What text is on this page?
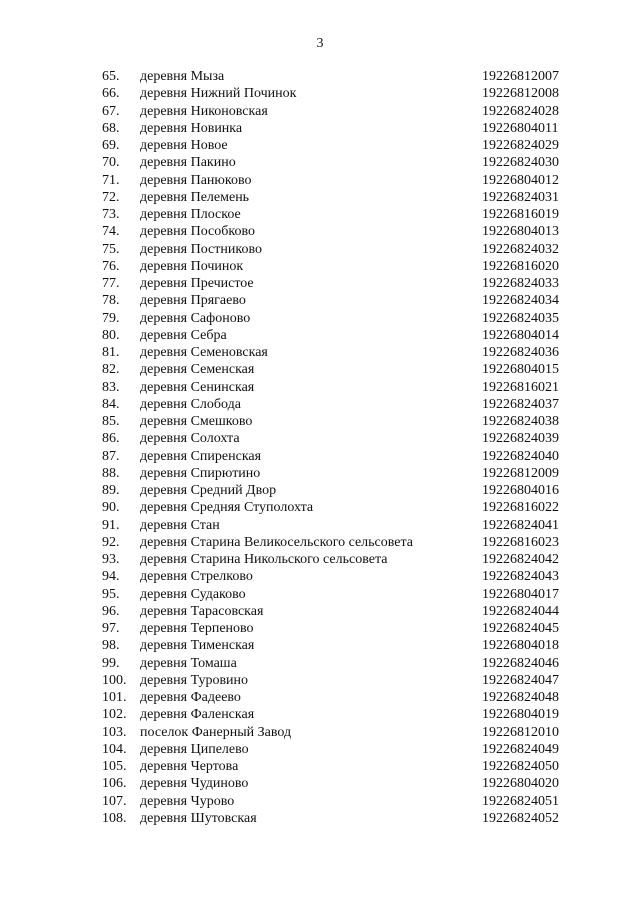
3
65.	деревня Мыза	19226812007
66.	деревня Нижний Починок	19226812008
67.	деревня Никоновская	19226824028
68.	деревня Новинка	19226804011
69.	деревня Новое	19226824029
70.	деревня Пакино	19226824030
71.	деревня Панюково	19226804012
72.	деревня Пелемень	19226824031
73.	деревня Плоское	19226816019
74.	деревня Пособково	19226804013
75.	деревня Постниково	19226824032
76.	деревня Починок	19226816020
77.	деревня Пречистое	19226824033
78.	деревня Прягаево	19226824034
79.	деревня Сафоново	19226824035
80.	деревня Себра	19226804014
81.	деревня Семеновская	19226824036
82.	деревня Семенская	19226804015
83.	деревня Сенинская	19226816021
84.	деревня Слобода	19226824037
85.	деревня Смешково	19226824038
86.	деревня Солохта	19226824039
87.	деревня Спиренская	19226824040
88.	деревня Спирютино	19226812009
89.	деревня Средний Двор	19226804016
90.	деревня Средняя Ступолохта	19226816022
91.	деревня Стан	19226824041
92.	деревня Старина Великосельского сельсовета	19226816023
93.	деревня Старина Никольского сельсовета	19226824042
94.	деревня Стрелково	19226824043
95.	деревня Судаково	19226804017
96.	деревня Тарасовская	19226824044
97.	деревня Терпеново	19226824045
98.	деревня Тименская	19226804018
99.	деревня Томаша	19226824046
100. деревня Туровино	19226824047
101. деревня Фадеево	19226824048
102. деревня Фаленская	19226804019
103. поселок Фанерный Завод	19226812010
104. деревня Ципелево	19226824049
105. деревня Чертова	19226824050
106. деревня Чудиново	19226804020
107. деревня Чурово	19226824051
108. деревня Шутовская	19226824052
